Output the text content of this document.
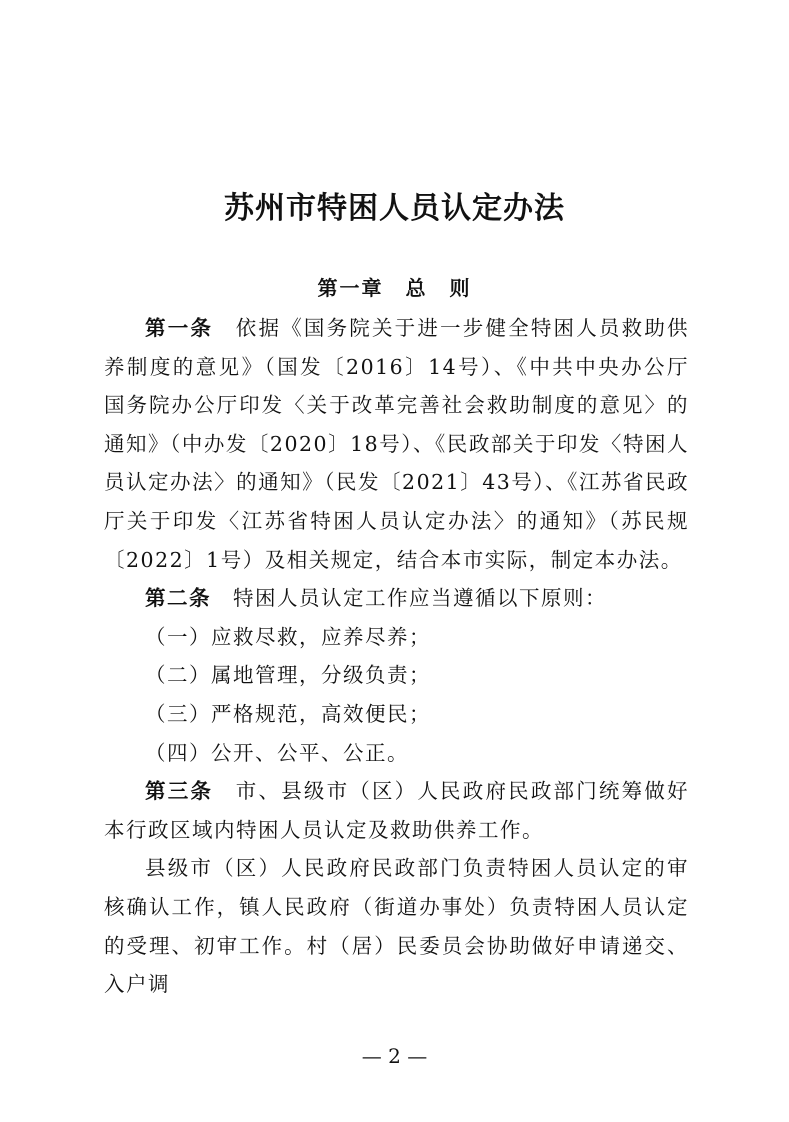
苏州市特困人员认定办法
第一章　总　则

第一条　 依据《国务院关于进一步健全特困人员救助供养制度的意见》（国发〔2016〕14号）、《中共中央办公厅 国务院办公厅印发〈关于改革完善社会救助制度的意见〉的通知》（中办发〔2020〕18号）、《民政部关于印发〈特困人员认定办法〉的通知》（民发〔2021〕43号）、《江苏省民政厅关于印发〈江苏省特困人员认定办法〉的通知》（苏民规〔2022〕1号）及相关规定，结合本市实际，制定本办法。

第二条　 特困人员认定工作应当遵循以下原则：

（一）应救尽救，应养尽养；

（二）属地管理，分级负责；

（三）严格规范，高效便民；

（四）公开、公平、公正。

第三条　 市、县级市（区）人民政府民政部门统筹做好本行政区域内特困人员认定及救助供养工作。

县级市（区）人民政府民政部门负责特困人员认定的审核确认工作，镇人民政府（街道办事处）负责特困人员认定的受理、初审工作。村（居）民委员会协助做好申请递交、入户调

— 2 —
